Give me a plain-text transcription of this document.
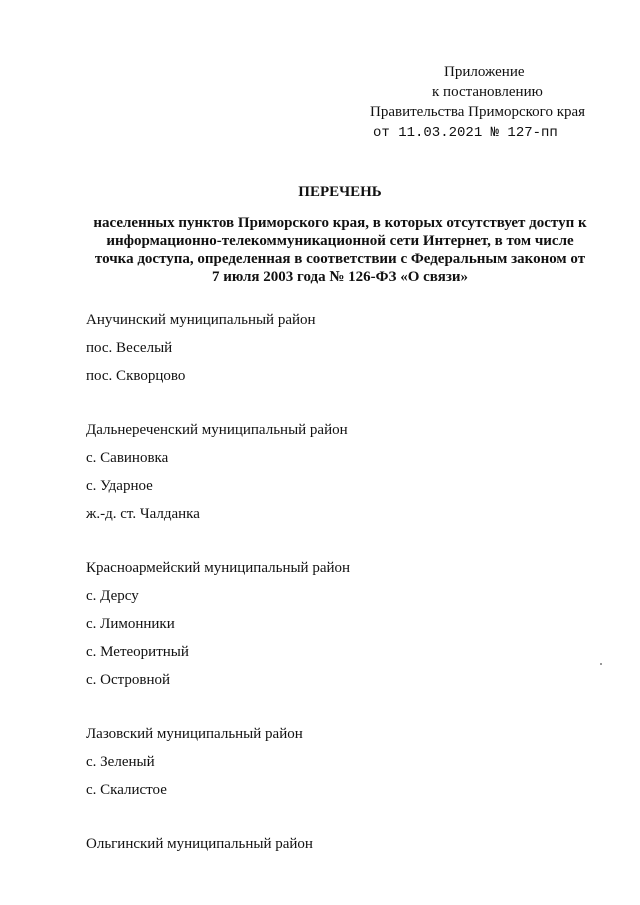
Приложение
к постановлению
Правительства Приморского края
от 11.03.2021 № 127-пп
ПЕРЕЧЕНЬ
населенных пунктов Приморского края, в которых отсутствует доступ к информационно-телекоммуникационной сети Интернет, в том числе точка доступа, определенная в соответствии с Федеральным законом от 7 июля 2003 года № 126-ФЗ «О связи»
Анучинский муниципальный район
пос. Веселый
пос. Скворцово
Дальнереченский муниципальный район
с. Савиновка
с. Ударное
ж.-д. ст. Чалданка
Красноармейский муниципальный район
с. Дерсу
с. Лимонники
с. Метеоритный
с. Островной
Лазовский муниципальный район
с. Зеленый
с. Скалистое
Ольгинский муниципальный район
